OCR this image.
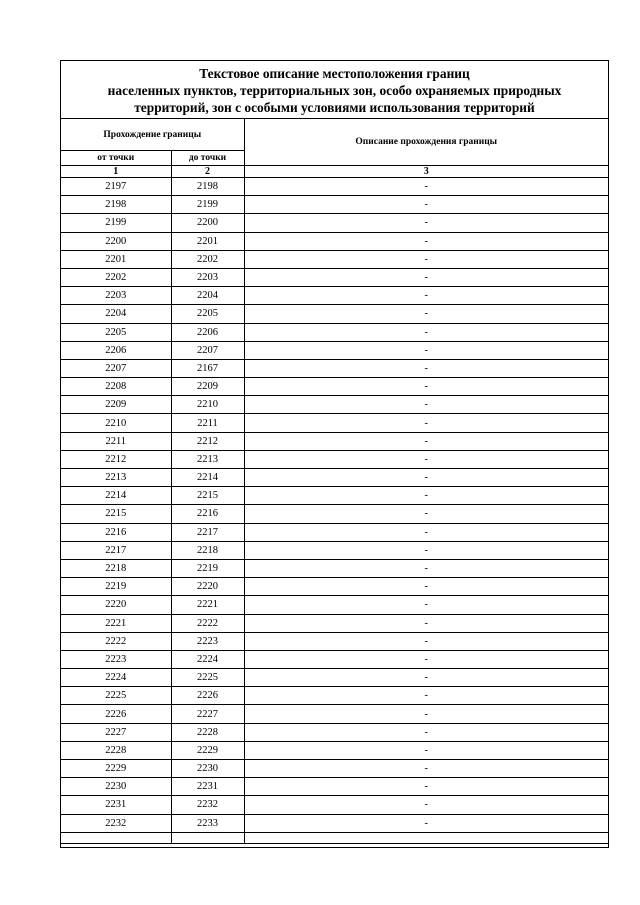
Текстовое описание местоположения границ
населенных пунктов, территориальных зон, особо охраняемых природных
территорий, зон с особыми условиями использования территорий
Прохождение границы		Описание прохождения границы
от точки	до точки	
1	2	3
2197	2198	-
2198	2199	-
2199	2200	-
2200	2201	-
2201	2202	-
2202	2203	-
2203	2204	-
2204	2205	-
2205	2206	-
2206	2207	-
2207	2167	-
2208	2209	-
2209	2210	-
2210	2211	-
2211	2212	-
2212	2213	-
2213	2214	-
2214	2215	-
2215	2216	-
2216	2217	-
2217	2218	-
2218	2219	-
2219	2220	-
2220	2221	-
2221	2222	-
2222	2223	-
2223	2224	-
2224	2225	-
2225	2226	-
2226	2227	-
2227	2228	-
2228	2229	-
2229	2230	-
2230	2231	-
2231	2232	-
2232	2233	-
